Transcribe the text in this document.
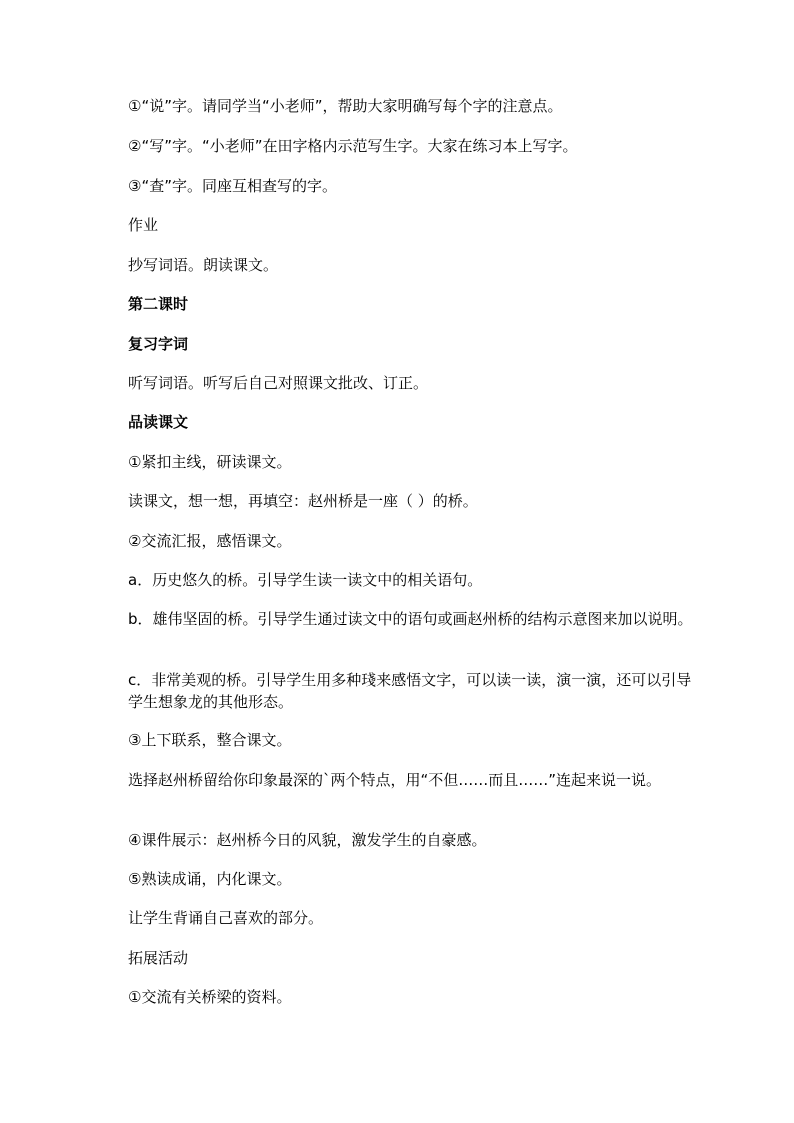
①“说”字。请同学当“小老师”，帮助大家明确写每个字的注意点。

②“写”字。“小老师”在田字格内示范写生字。大家在练习本上写字。

③“查”字。同座互相查写的字。

作业

抄写词语。朗读课文。

第二课时

复习字词

听写词语。听写后自己对照课文批改、订正。

品读课文

①紧扣主线，研读课文。

读课文，想一想，再填空：赵州桥是一座（ ）的桥。

②交流汇报，感悟课文。

a．历史悠久的桥。引导学生读一读文中的相关语句。

b．雄伟坚固的桥。引导学生通过读文中的语句或画赵州桥的结构示意图来加以说明。

c．非常美观的桥。引导学生用多种琖来感悟文字，可以读一读，演一演，还可以引导学生想象龙的其他形态。

③上下联系，整合课文。

选择赵州桥留给你印象最深的`两个特点，用“不但……而且……”连起来说一说。

④课件展示：赵州桥今日的风貌，激发学生的自豪感。

⑤熟读成诵，内化课文。

让学生背诵自己喜欢的部分。

拓展活动

①交流有关桥梁的资料。
